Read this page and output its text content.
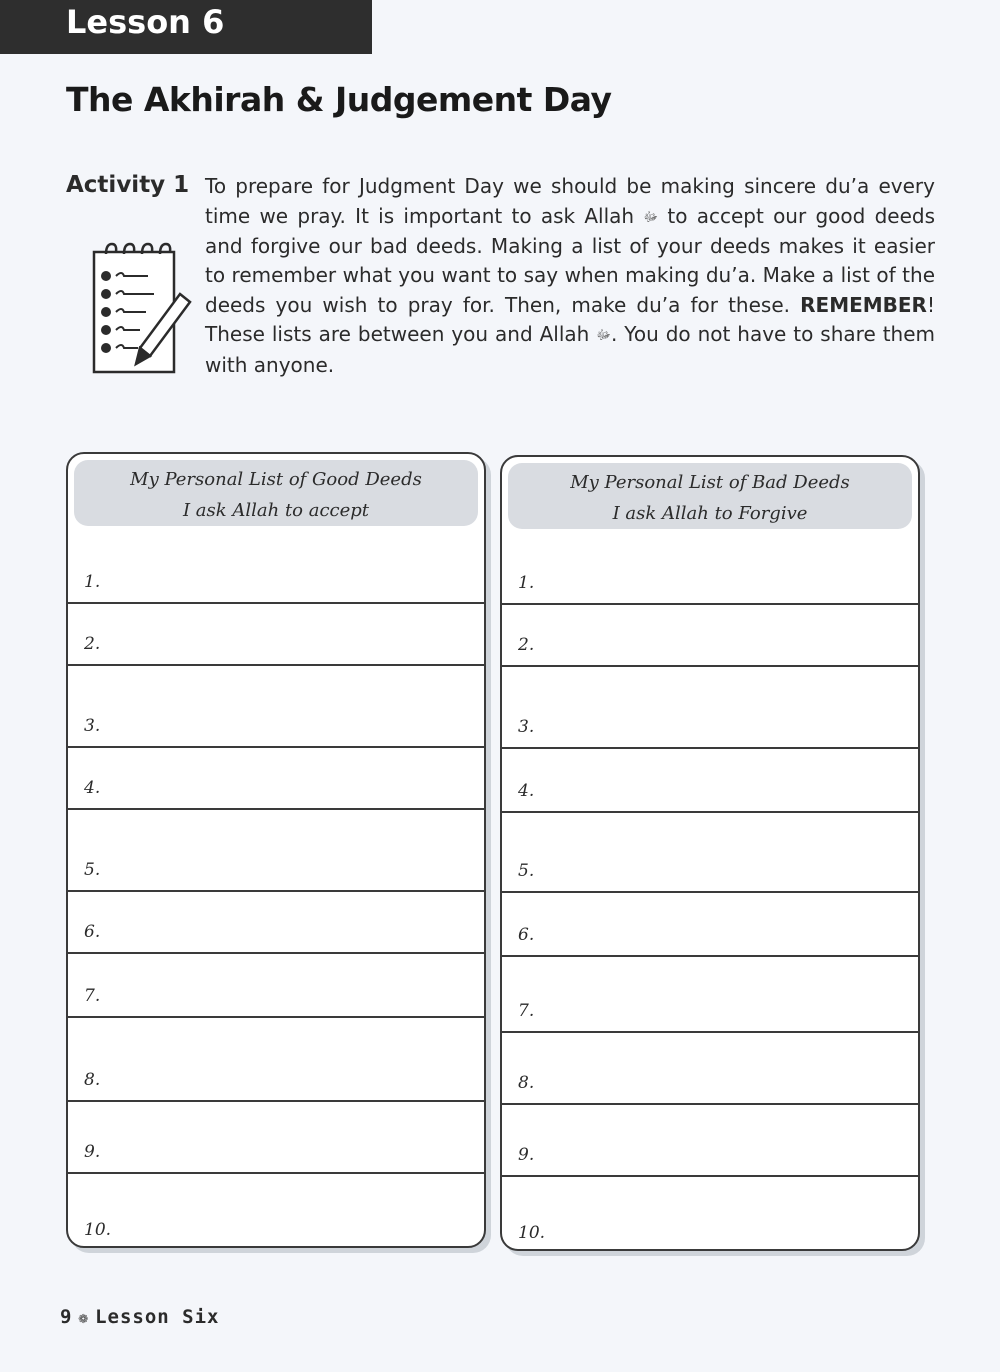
Lesson 6
The Akhirah & Judgement Day
Activity 1 To prepare for Judgment Day we should be making sincere du’a every time we pray. It is important to ask Allah ﷻ to accept our good deeds and forgive our bad deeds. Making a list of your deeds makes it easier to remember what you want to say when making du’a. Make a list of the deeds you wish to pray for. Then, make du’a for these. REMEMBER! These lists are between you and Allah ﷻ. You do not have to share them with anyone.
My Personal List of Good Deeds
I ask Allah to accept
1.
2.
3.
4.
5.
6.
7.
8.
9.
10.
My Personal List of Bad Deeds
I ask Allah to Forgive
1.
2.
3.
4.
5.
6.
7.
8.
9.
10.
9 ❁ Lesson Six
